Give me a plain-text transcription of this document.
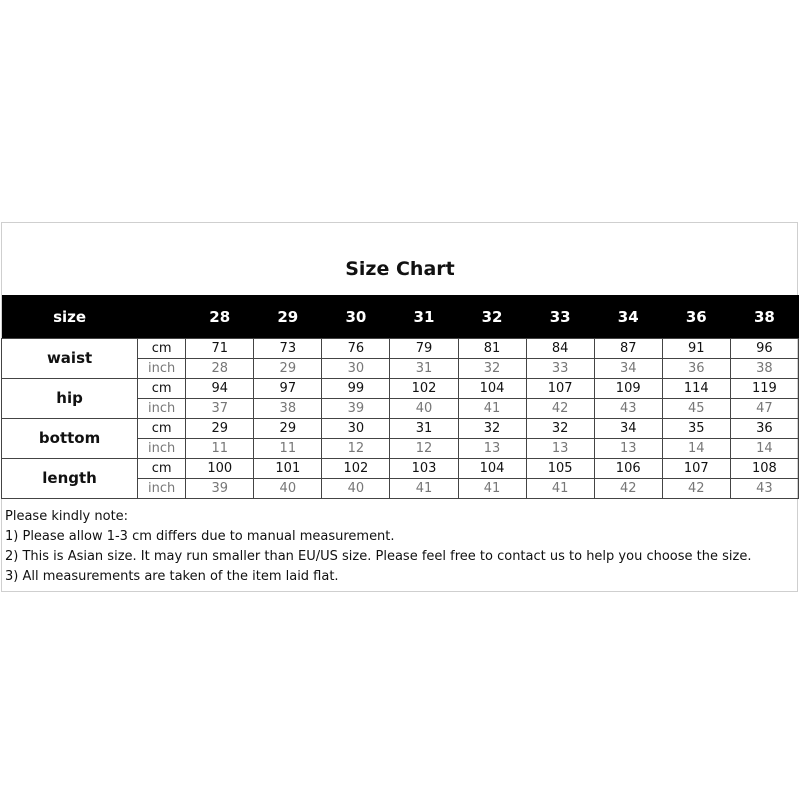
Size Chart
size		28	29	30	31	32	33	34	36	38
waist	cm	71	73	76	79	81	84	87	91	96
	inch	28	29	30	31	32	33	34	36	38
hip	cm	94	97	99	102	104	107	109	114	119
	inch	37	38	39	40	41	42	43	45	47
bottom	cm	29	29	30	31	32	32	34	35	36
	inch	11	11	12	12	13	13	13	14	14
length	cm	100	101	102	103	104	105	106	107	108
	inch	39	40	40	41	41	41	42	42	43
Please kindly note:
1) Please allow 1-3 cm differs due to manual measurement.
2) This is Asian size. It may run smaller than EU/US size. Please feel free to contact us to help you choose the size.
3) All measurements are taken of the item laid flat.
